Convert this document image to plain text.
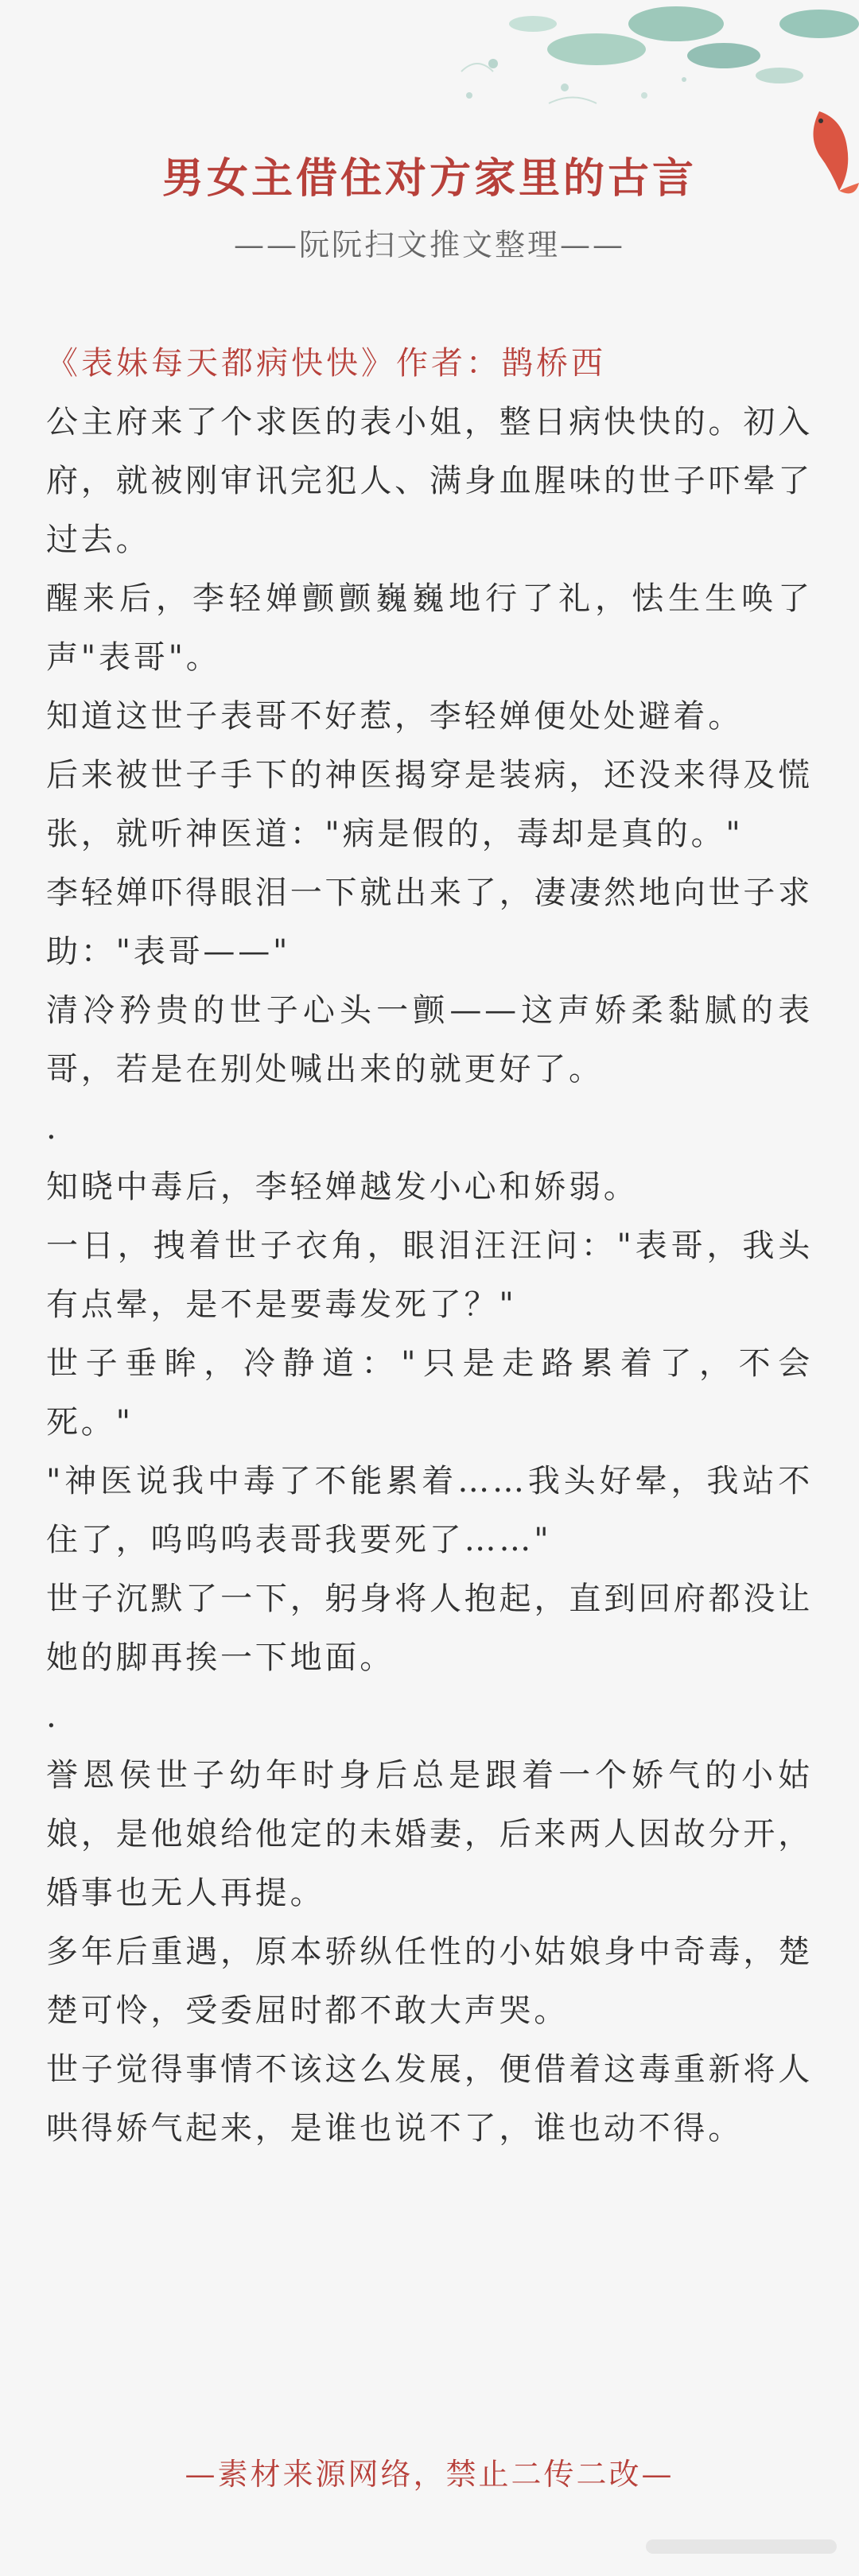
男女主借住对方家里的古言
——阮阮扫文推文整理——

《表妹每天都病快快》作者：鹊桥西

公主府来了个求医的表小姐，整日病快快的。初入府，就被刚审讯完犯人、满身血腥味的世子吓晕了过去。

醒来后，李轻婵颤颤巍巍地行了礼，怯生生唤了声"表哥"。

知道这世子表哥不好惹，李轻婵便处处避着。

后来被世子手下的神医揭穿是装病，还没来得及慌张，就听神医道："病是假的，毒却是真的。"

李轻婵吓得眼泪一下就出来了，凄凄然地向世子求助："表哥——"

清冷矜贵的世子心头一颤——这声娇柔黏腻的表哥，若是在别处喊出来的就更好了。

.

知晓中毒后，李轻婵越发小心和娇弱。

一日，拽着世子衣角，眼泪汪汪问："表哥，我头有点晕，是不是要毒发死了？"

世子垂眸，冷静道："只是走路累着了，不会死。"

"神医说我中毒了不能累着……我头好晕，我站不住了，呜呜呜表哥我要死了……"

世子沉默了一下，躬身将人抱起，直到回府都没让她的脚再挨一下地面。

.

誉恩侯世子幼年时身后总是跟着一个娇气的小姑娘，是他娘给他定的未婚妻，后来两人因故分开，婚事也无人再提。

多年后重遇，原本骄纵任性的小姑娘身中奇毒，楚楚可怜，受委屈时都不敢大声哭。

世子觉得事情不该这么发展，便借着这毒重新将人哄得娇气起来，是谁也说不了，谁也动不得。

—素材来源网络，禁止二传二改—
